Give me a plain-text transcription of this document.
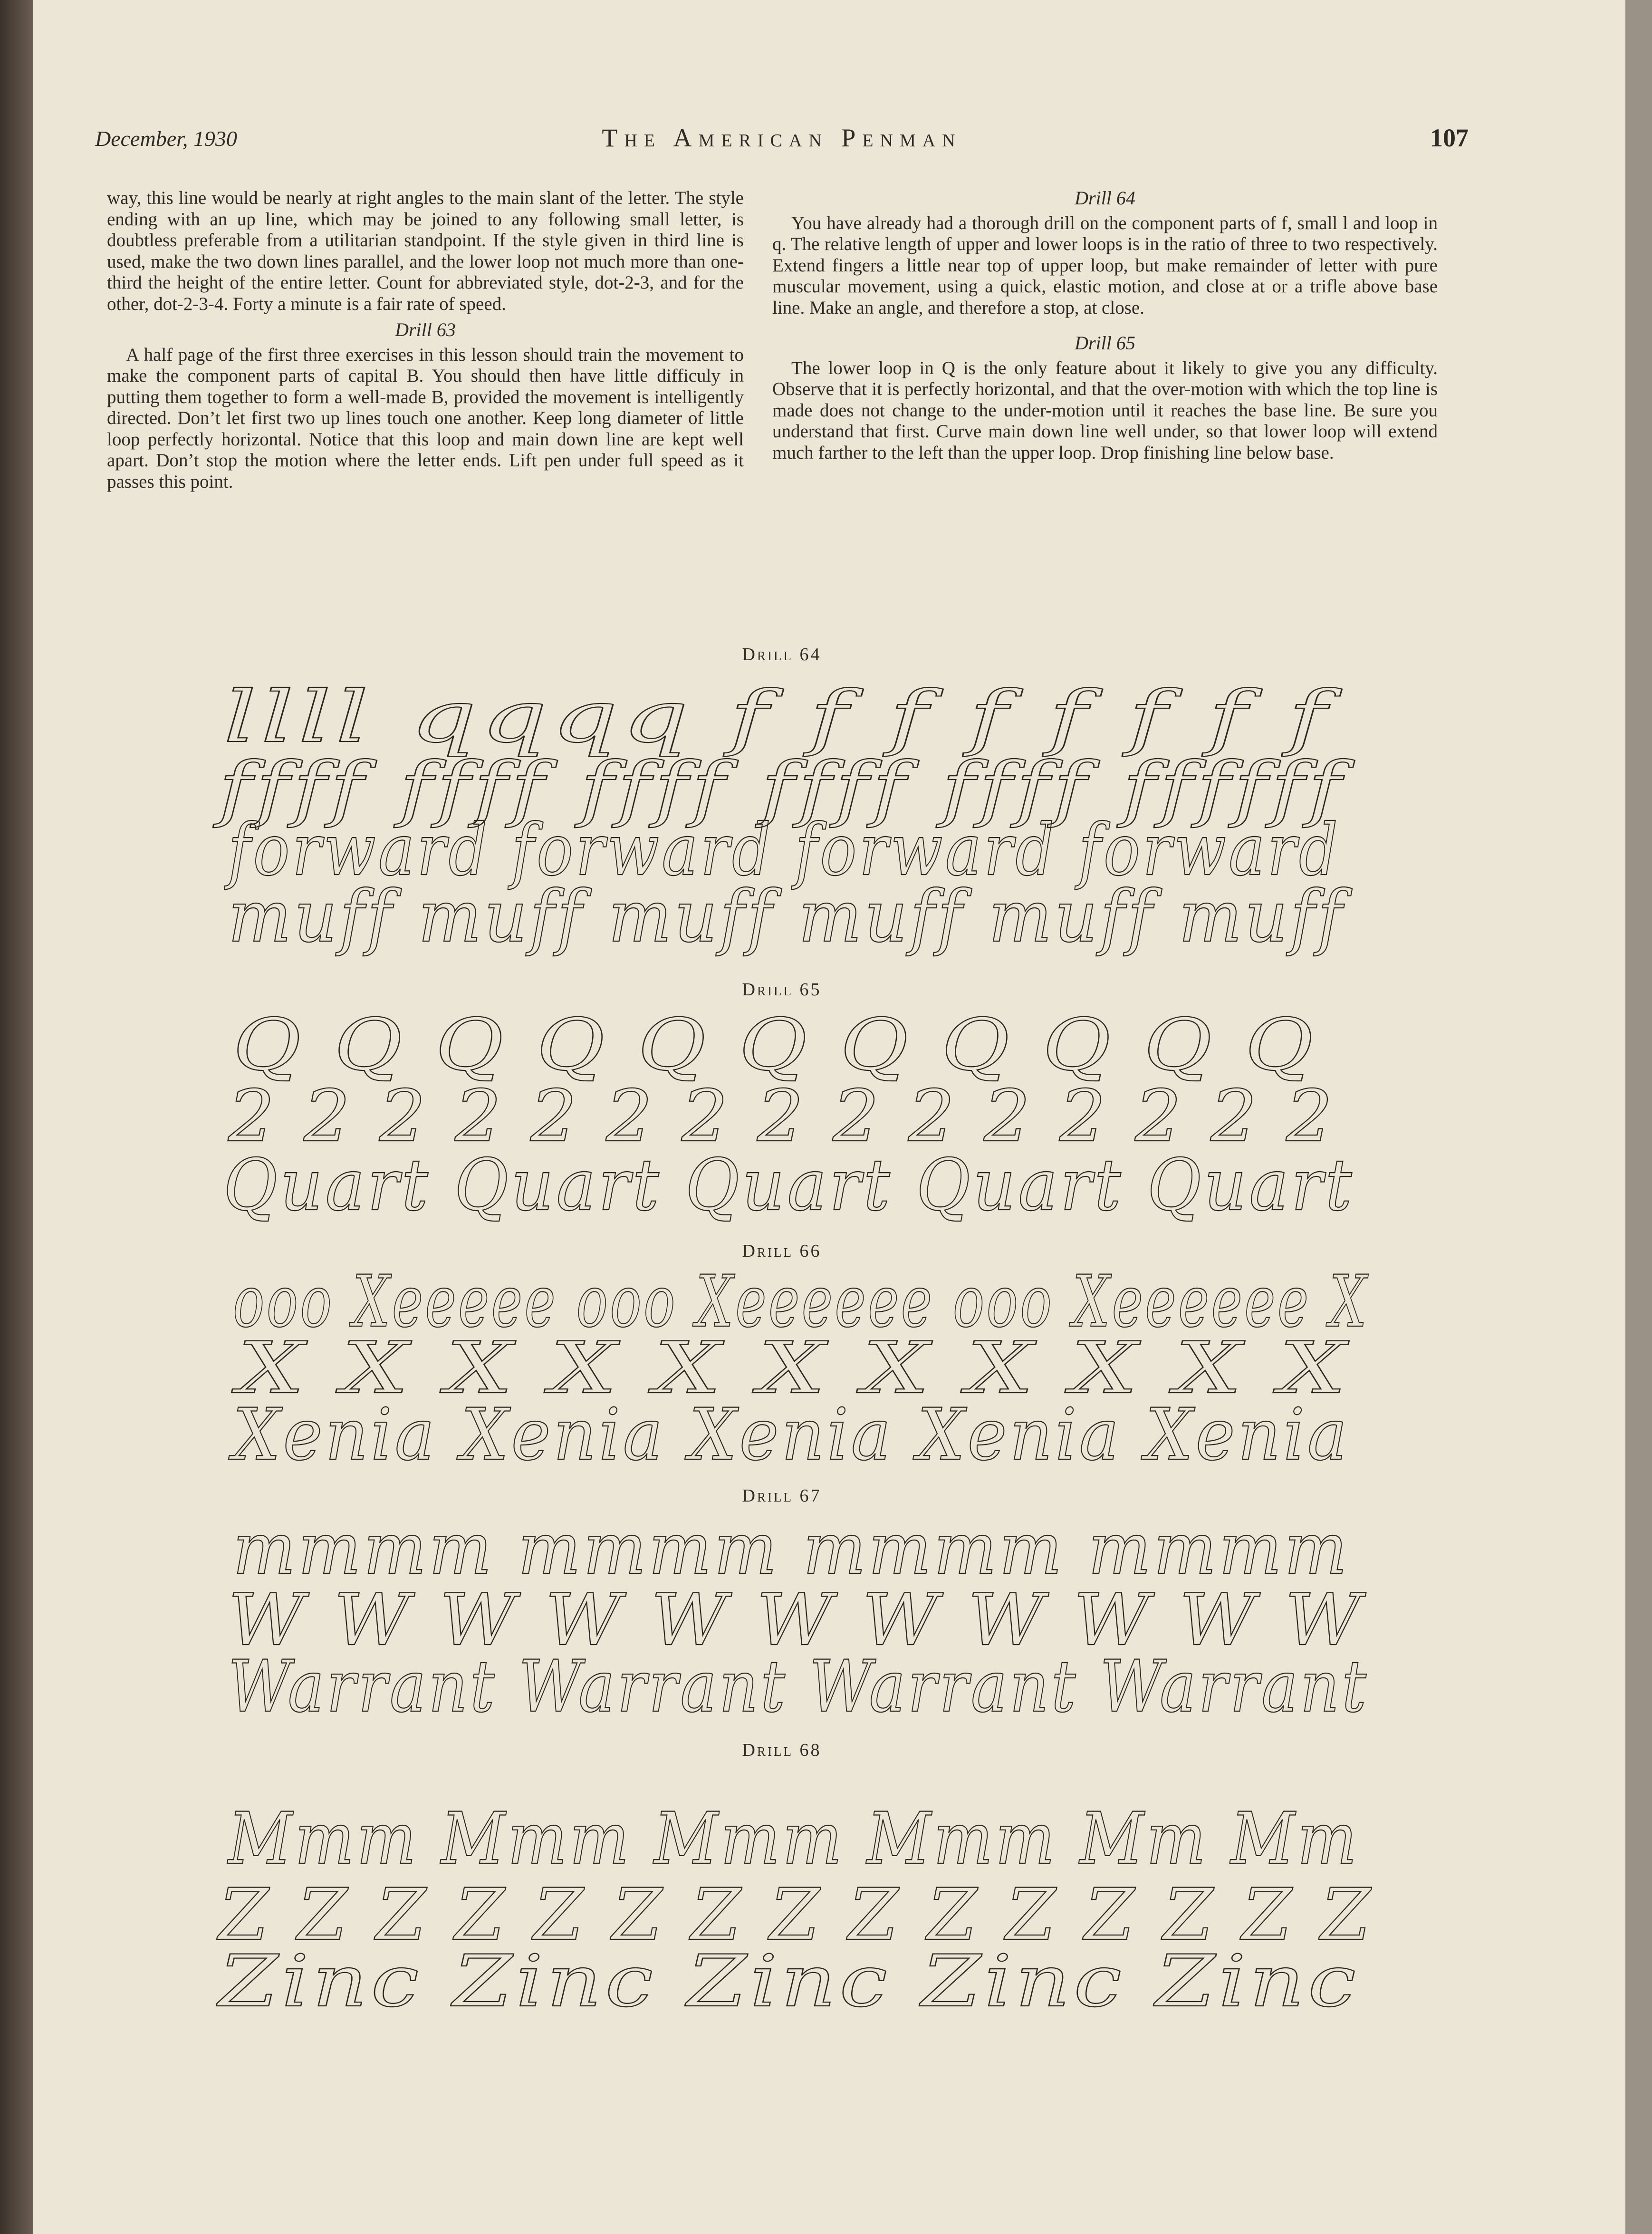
December, 1930	The American Penman	107

way, this line would be nearly at right angles to the main slant of the letter. The style ending with an up line, which may be joined to any following small letter, is doubtless preferable from a utilitarian standpoint. If the style given in third line is used, make the two down lines parallel, and the lower loop not much more than one-third the height of the entire letter. Count for abbreviated style, dot-2-3, and for the other, dot-2-3-4. Forty a minute is a fair rate of speed.

Drill 63

A half page of the first three exercises in this lesson should train the movement to make the component parts of capital B. You should then have little difficuly in putting them together to form a well-made B, provided the movement is intelligently directed. Don’t let first two up lines touch one another. Keep long diameter of little loop perfectly horizontal. Notice that this loop and main down line are kept well apart. Don’t stop the motion where the letter ends. Lift pen under full speed as it passes this point.

Drill 64

You have already had a thorough drill on the component parts of f, small l and loop in q. The relative length of upper and lower loops is in the ratio of three to two respectively. Extend fingers a little near top of upper loop, but make remainder of letter with pure muscular movement, using a quick, elastic motion, and close at or a trifle above base line. Make an angle, and therefore a stop, at close.

Drill 65

The lower loop in Q is the only feature about it likely to give you any difficulty. Observe that it is perfectly horizontal, and that the over-motion with which the top line is made does not change to the under-motion until it reaches the base line. Be sure you understand that first. Curve main down line well under, so that lower loop will extend much farther to the left than the upper loop. Drop finishing line below base.

Drill 64
llll qqqq f f f f f f f f
ffff ffff ffff ffff ffff ffffff
forward forward forward forward
muff muff muff muff muff muff
Drill 65
Q Q Q Q Q Q Q Q Q Q Q
2 2 2 2 2 2 2 2 2 2 2 2 2 2 2
Quart Quart Quart Quart Quart
Drill 66
ooo Xeeeee ooo Xeeeeee ooo Xeeeeee X
X X X X X X X X X X X
Xenia Xenia Xenia Xenia Xenia
Drill 67
mmmm mmmm mmmm mmmm
W W W W W W W W W W W
Warrant Warrant Warrant Warrant
Drill 68
Mmm Mmm Mmm Mmm Mm Mm
Z Z Z Z Z Z Z Z Z Z Z Z Z Z Z
Zinc Zinc Zinc Zinc Zinc
